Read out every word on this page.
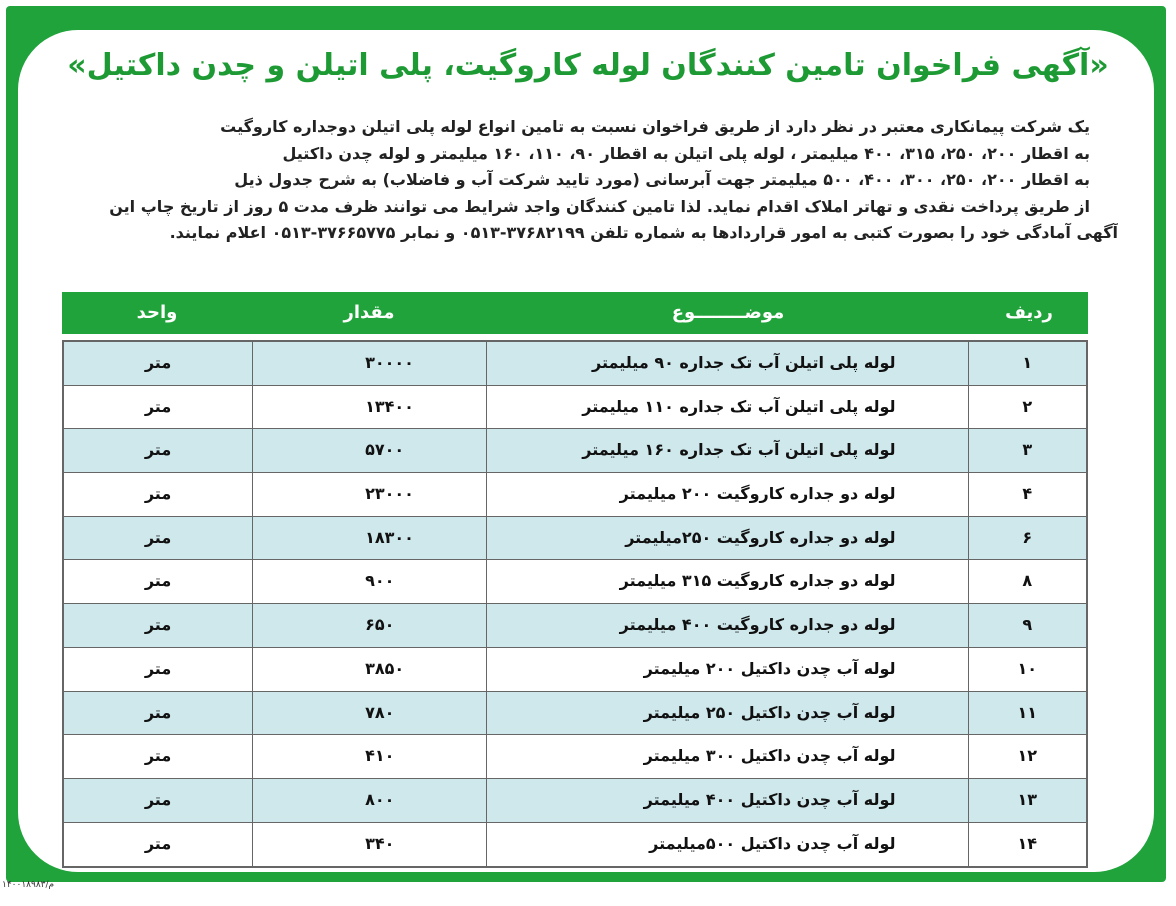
«آگهی فراخوان تامین کنندگان لوله کاروگیت، پلی اتیلن و چدن داکتیل»
یک شرکت پیمانکاری معتبر در نظر دارد از طریق فراخوان نسبت به تامین انواع لوله پلی اتیلن دوجداره کاروگیت
به اقطار ۲۰۰، ۲۵۰، ۳۱۵، ۴۰۰ میلیمتر ، لوله پلی اتیلن به اقطار ۹۰، ۱۱۰، ۱۶۰ میلیمتر و لوله چدن داکتیل
به اقطار ۲۰۰، ۲۵۰، ۳۰۰، ۴۰۰، ۵۰۰ میلیمتر جهت آبرسانی (مورد تایید شرکت آب و فاضلاب) به شرح جدول ذیل
از طریق پرداخت نقدی و تهاتر املاک اقدام نماید. لذا تامین کنندگان واجد شرایط می توانند ظرف مدت ۵ روز از تاریخ چاپ این
آگهی آمادگی خود را بصورت کتبی به امور قراردادها به شماره تلفن ۳۷۶۸۲۱۹۹-۰۵۱۳ و نمابر ۳۷۶۶۵۷۷۵-۰۵۱۳ اعلام نمایند.
ردیف
موضــــــــوع
مقدار
واحد
۱
لوله پلی اتیلن آب تک جداره ۹۰ میلیمتر
۳۰۰۰۰
متر
۲
لوله پلی اتیلن آب تک جداره ۱۱۰ میلیمتر
۱۳۴۰۰
متر
۳
لوله پلی اتیلن آب تک جداره ۱۶۰ میلیمتر
۵۷۰۰
متر
۴
لوله دو جداره کاروگیت ۲۰۰ میلیمتر
۲۳۰۰۰
متر
۶
لوله دو جداره کاروگیت ۲۵۰میلیمتر
۱۸۳۰۰
متر
۸
لوله دو جداره کاروگیت ۳۱۵ میلیمتر
۹۰۰
متر
۹
لوله دو جداره کاروگیت ۴۰۰ میلیمتر
۶۵۰
متر
۱۰
لوله آب چدن داکتیل ۲۰۰ میلیمتر
۳۸۵۰
متر
۱۱
لوله آب چدن داکتیل ۲۵۰ میلیمتر
۷۸۰
متر
۱۲
لوله آب چدن داکتیل ۳۰۰ میلیمتر
۴۱۰
متر
۱۳
لوله آب چدن داکتیل ۴۰۰ میلیمتر
۸۰۰
متر
۱۴
لوله آب چدن داکتیل ۵۰۰میلیمتر
۳۴۰
متر
م/۱۴۰۰۱۸۹۸۳
